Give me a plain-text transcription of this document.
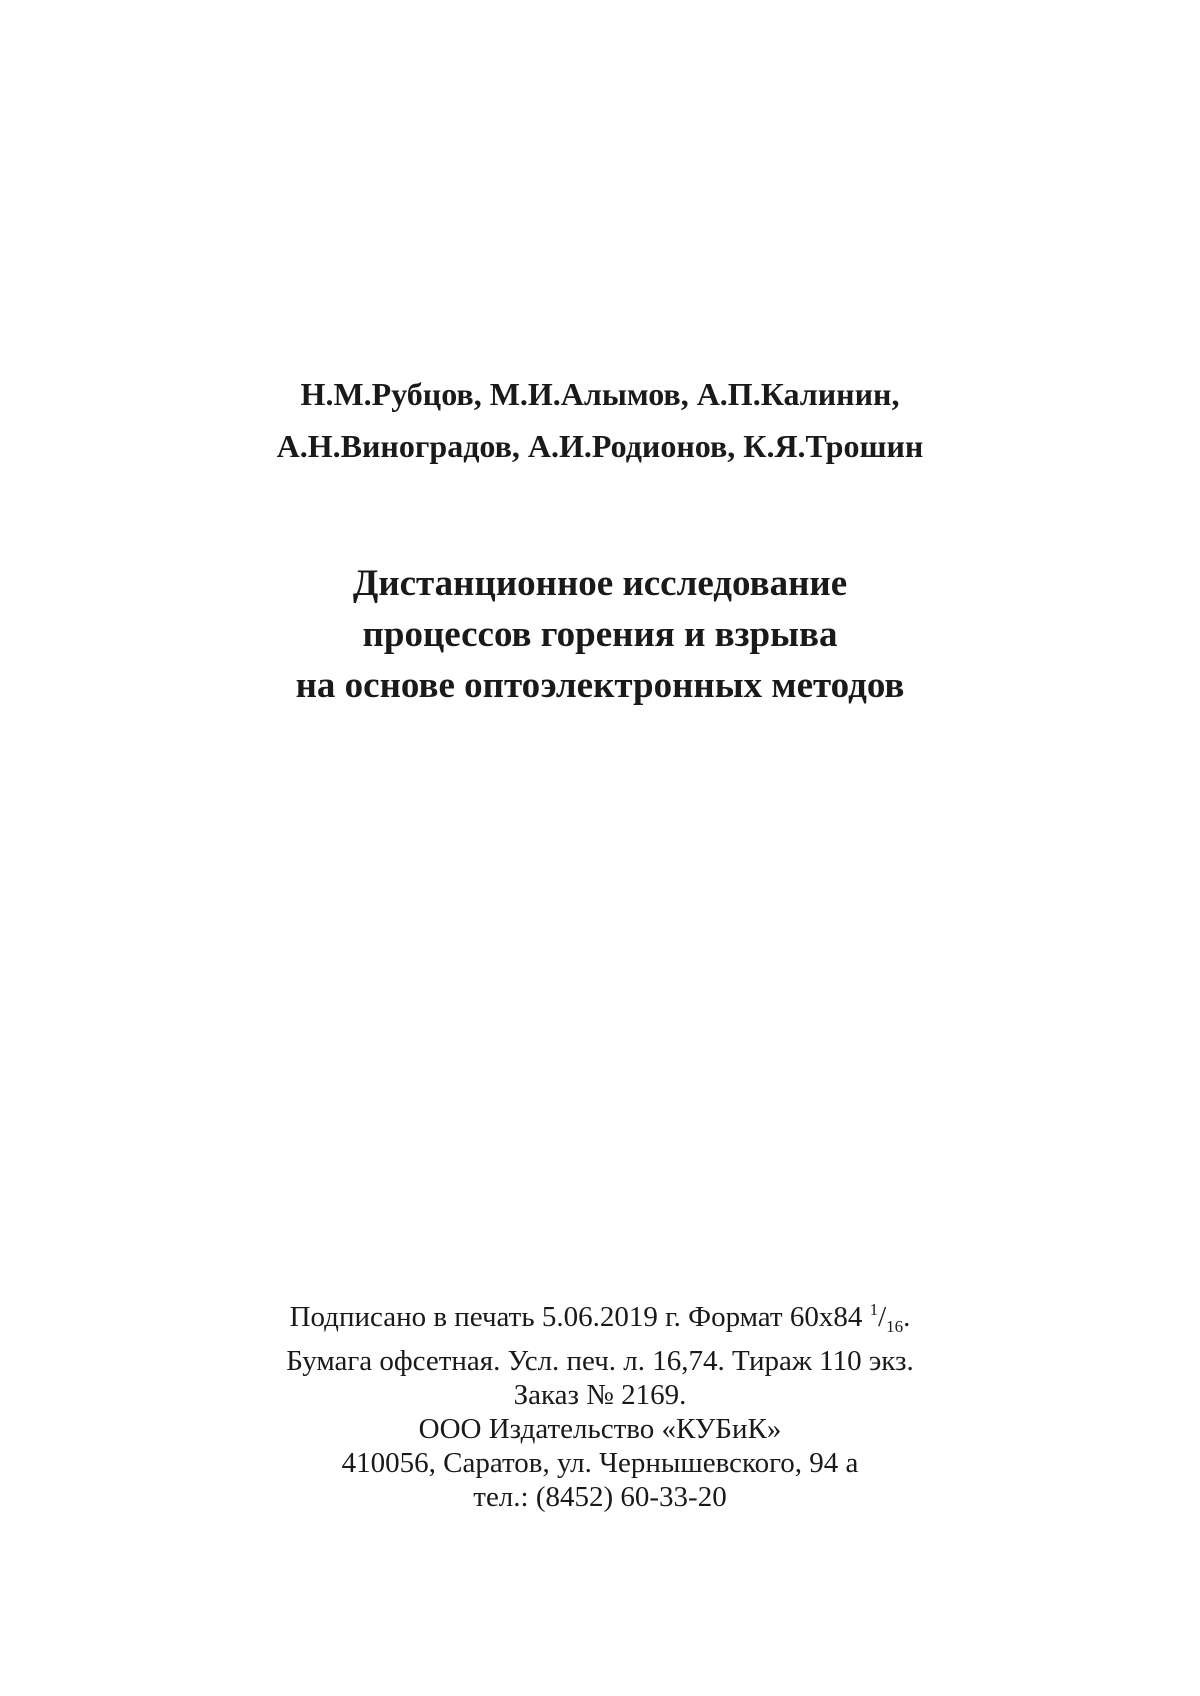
Н.М.Рубцов, М.И.Алымов, А.П.Калинин,
А.Н.Виноградов, А.И.Родионов, К.Я.Трошин
Дистанционное исследование
процессов горения и взрыва
на основе оптоэлектронных методов
Подписано в печать 5.06.2019 г. Формат 60x84 $^1/_{16}$.
Бумага офсетная. Усл. печ. л. 16,74. Тираж 110 экз.
Заказ № 2169.
ООО Издательство «КУБиК»
410056, Саратов, ул. Чернышевского, 94 а
тел.: (8452) 60-33-20
